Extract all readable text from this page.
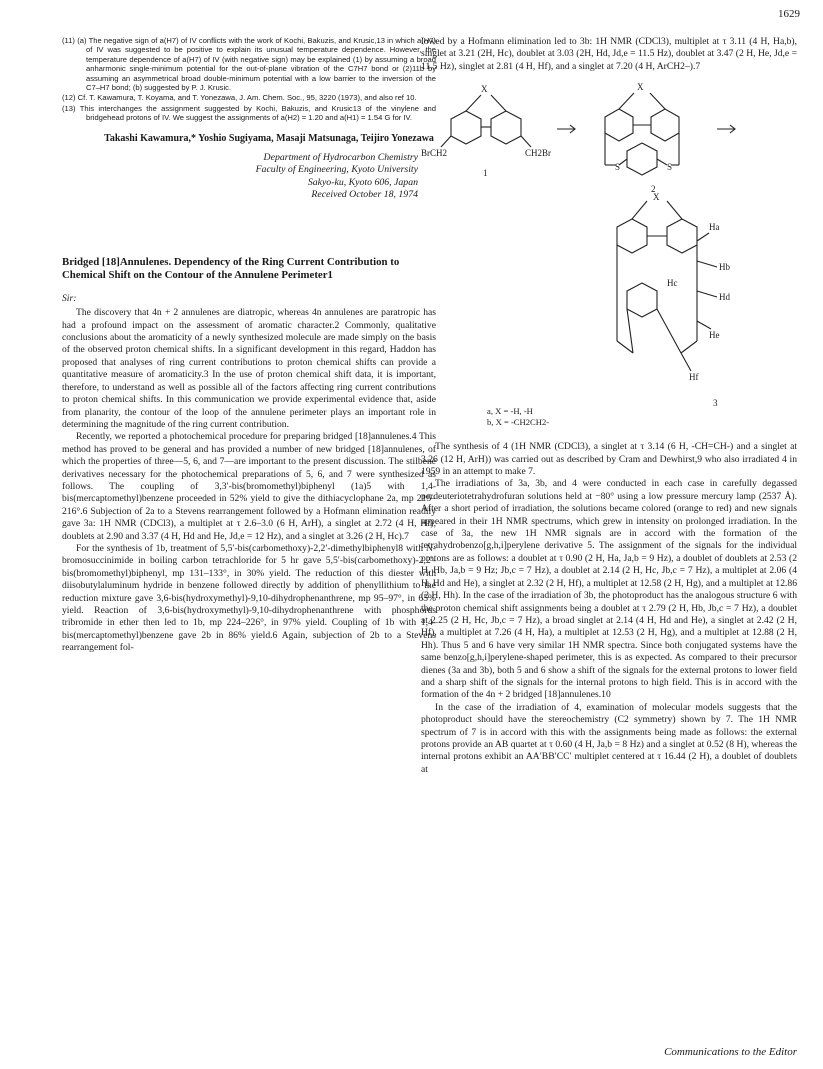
1629
(11) (a) The negative sign of a(H7) of IV conflicts with the work of Kochi, Bakuzis, and Krusic,13 in which a(H7) of IV was suggested to be positive to explain its unusual temperature dependence. However, the temperature dependence of a(H7) of IV (with negative sign) may be explained (1) by assuming a broad anharmonic single-minimum potential for the out-of-plane vibration of the C7H7 bond or (2)11b by assuming an asymmetrical broad double-minimum potential with a low barrier to the inversion of the C7–H7 bond; (b) suggested by P. J. Krusic.
(12) Cf. T. Kawamura, T. Koyama, and T. Yonezawa, J. Am. Chem. Soc., 95, 3220 (1973), and also ref 10.
(13) This interchanges the assignment suggested by Kochi, Bakuzis, and Krusic13 of the vinylene and bridgehead protons of IV. We suggest the assignments of a(H2) = 1.20 and a(H1) = 1.54 G for IV.
Takashi Kawamura,* Yoshio Sugiyama, Masaji Matsunaga, Teijiro Yonezawa
Department of Hydrocarbon Chemistry
Faculty of Engineering, Kyoto University
Sakyo-ku, Kyoto 606, Japan
Received October 18, 1974
Bridged [18]Annulenes. Dependency of the Ring Current Contribution to Chemical Shift on the Contour of the Annulene Perimeter1
Sir:

The discovery that 4n + 2 annulenes are diatropic, whereas 4n annulenes are paratropic has had a profound impact on the assessment of aromatic character.2 Commonly, qualitative conclusions about the aromaticity of a newly synthesized molecule are made simply on the basis of the observed proton chemical shifts. In a significant development in this regard, Haddon has proposed that analyses of ring current contributions to proton chemical shifts can provide a quantitative measure of aromaticity.3 In the use of proton chemical shift data, it is important, therefore, to understand as well as possible all of the factors affecting ring current contributions to proton chemical shifts. In this communication we provide experimental evidence that, aside from planarity, the contour of the loop of the annulene perimeter plays an important role in determining the magnitude of the ring current contribution.

Recently, we reported a photochemical procedure for preparing bridged [18]annulenes.4 This method has proved to be general and has provided a number of new bridged [18]annulenes, of which the properties of three—5, 6, and 7—are important to the present discussion. The stilbene derivatives necessary for the photochemical preparations of 5, 6, and 7 were synthesized as follows. The coupling of 3,3′-bis(bromomethyl)biphenyl (1a)5 with 1,4-bis(mercaptomethyl)benzene proceeded in 52% yield to give the dithiacyclophane 2a, mp 215–216°.6 Subjection of 2a to a Stevens rearrangement followed by a Hofmann elimination readily gave 3a: 1H NMR (CDCl3), a multiplet at τ 2.6–3.0 (6 H, ArH), a singlet at 2.72 (4 H, Hf), doublets at 2.90 and 3.37 (4 H, Hd and He, Jd,e = 12 Hz), and a singlet at 3.26 (2 H, Hc).7

For the synthesis of 1b, treatment of 5,5′-bis(carbomethoxy)-2,2′-dimethylbiphenyl8 with N-bromosuccinimide in boiling carbon tetrachloride for 5 hr gave 5,5′-bis(carbomethoxy)-2,2′-bis(bromomethyl)biphenyl, mp 131–133°, in 30% yield. The reduction of this diester with diisobutylaluminum hydride in benzene followed directly by addition of phenyllithium to the reduction mixture gave 3,6-bis(hydroxymethyl)-9,10-dihydrophenanthrene, mp 95–97°, in 65% yield. Reaction of 3,6-bis(hydroxymethyl)-9,10-dihydrophenanthrene with phosphorus tribromide in ether then led to 1b, mp 224–226°, in 97% yield. Coupling of 1b with 1,4-bis(mercaptomethyl)benzene gave 2b in 86% yield.6 Again, subjection of 2b to a Stevens rearrangement fol-

lowed by a Hofmann elimination led to 3b: 1H NMR (CDCl3), multiplet at τ 3.11 (4 H, Ha,b), singlet at 3.21 (2H, Hc), doublet at 3.03 (2H, Hd, Jd,e = 11.5 Hz), doublet at 3.47 (2 H, He, Jd,e = 11.5 Hz), singlet at 2.81 (4 H, Hf), and a singlet at 7.20 (4 H, ArCH2–).7

X
BrCH2	CH2Br
1
X
S	S
2
X
Ha
Hb
Hc
Hd
He
Hf
3
a, X = -H, -H
b, X = -CH2CH2-

The synthesis of 4 (1H NMR (CDCl3), a singlet at τ 3.14 (6 H, -CH=CH-) and a singlet at 3.26 (12 H, ArH)) was carried out as described by Cram and Dewhirst,9 who also irradiated 4 in 1959 in an attempt to make 7.

The irradiations of 3a, 3b, and 4 were conducted in each case in carefully degassed perdeuteriotetrahydrofuran solutions held at −80° using a low pressure mercury lamp (2537 Å). After a short period of irradiation, the solutions became colored (orange to red) and new signals appeared in their 1H NMR spectrums, which grew in intensity on prolonged irradiation. In the case of 3a, the new 1H NMR signals are in accord with the formation of the tetrahydrobenzo[g,h,i]perylene derivative 5. The assignment of the signals for the individual protons are as follows: a doublet at τ 0.90 (2 H, Ha, Ja,b = 9 Hz), a doublet of doublets at 2.53 (2 H, Hb, Ja,b = 9 Hz; Jb,c = 7 Hz), a doublet at 2.14 (2 H, Hc, Jb,c = 7 Hz), a multiplet at 2.06 (4 H, Hd and He), a singlet at 2.32 (2 H, Hf), a multiplet at 12.58 (2 H, Hg), and a multiplet at 12.86 (2 H, Hh). In the case of the irradiation of 3b, the photoproduct has the analogous structure 6 with the proton chemical shift assignments being a doublet at τ 2.79 (2 H, Hb, Jb,c = 7 Hz), a doublet at 2.25 (2 H, Hc, Jb,c = 7 Hz), a broad singlet at 2.14 (4 H, Hd and He), a singlet at 2.42 (2 H, Hf), a multiplet at 7.26 (4 H, Ha), a multiplet at 12.53 (2 H, Hg), and a multiplet at 12.88 (2 H, Hh). Thus 5 and 6 have very similar 1H NMR spectra. Since both conjugated systems have the same benzo[g,h,i]perylene-shaped perimeter, this is as expected. As compared to their precursor dienes (3a and 3b), both 5 and 6 show a shift of the signals for the external protons to lower field and a sharp shift of the signals for the internal protons to high field. This is in accord with the formation of the 4n + 2 bridged [18]annulenes.10

In the case of the irradiation of 4, examination of molecular models suggests that the photoproduct should have the stereochemistry (C2 symmetry) shown by 7. The 1H NMR spectrum of 7 is in accord with this with the assignments being made as follows: the external protons provide an AB quartet at τ 0.60 (4 H, Ja,b = 8 Hz) and a singlet at 0.52 (8 H), whereas the internal protons exhibit an AA′BB′CC′ multiplet centered at τ 16.44 (2 H), a doublet of doublets at

Communications to the Editor
